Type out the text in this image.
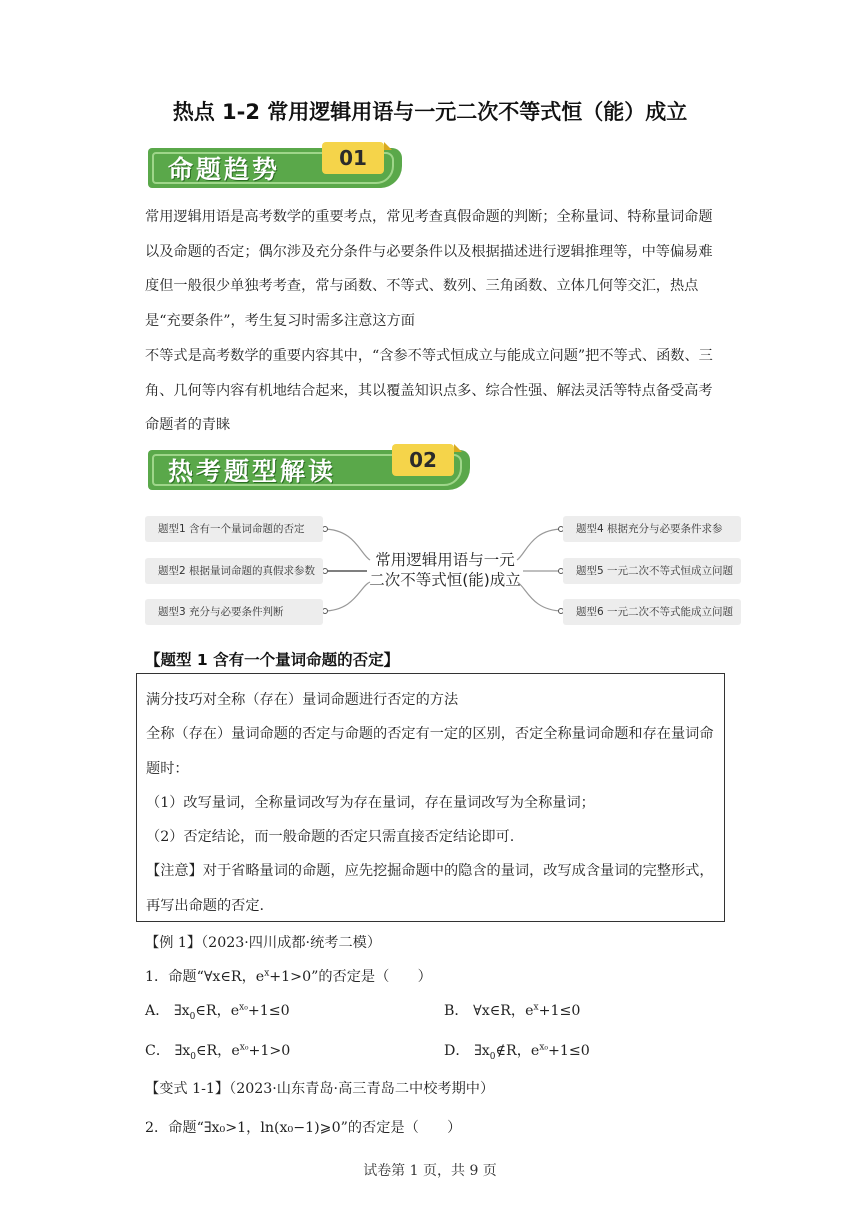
热点 1-2 常用逻辑用语与一元二次不等式恒（能）成立
命题趋势	01
常用逻辑用语是高考数学的重要考点，常见考查真假命题的判断；全称量词、特称量词命题以及命题的否定；偶尔涉及充分条件与必要条件以及根据描述进行逻辑推理等，中等偏易难度但一般很少单独考考查，常与函数、不等式、数列、三角函数、立体几何等交汇，热点是“充要条件”，考生复习时需多注意这方面
不等式是高考数学的重要内容其中，“含参不等式恒成立与能成立问题”把不等式、函数、三角、几何等内容有机地结合起来，其以覆盖知识点多、综合性强、解法灵活等特点备受高考命题者的青睐
热考题型解读	02
题型1 含有一个量词命题的否定
题型2 根据量词命题的真假求参数
题型3 充分与必要条件判断
常用逻辑用语与一元
二次不等式恒(能)成立
题型4 根据充分与必要条件求参
题型5 一元二次不等式恒成立问题
题型6 一元二次不等式能成立问题
【题型 1 含有一个量词命题的否定】

满分技巧对全称（存在）量词命题进行否定的方法

全称（存在）量词命题的否定与命题的否定有一定的区别，否定全称量词命题和存在量词命题时：

（1）改写量词，全称量词改写为存在量词，存在量词改写为全称量词；

（2）否定结论，而一般命题的否定只需直接否定结论即可.

【注意】对于省略量词的命题，应先挖掘命题中的隐含的量词，改写成含量词的完整形式，再写出命题的否定.

【例 1】（2023·四川成都·统考二模）
1．命题“∀x∈R，$e^x+1>0$”的否定是（　　）
A． $\exists x_0\in R$，$e^{x_0}+1\le 0$	B． ∀x∈R，$e^x+1\le 0$
C． $\exists x_0\in R$，$e^{x_0}+1>0$	D． $\exists x_0\notin R$，$e^{x_0}+1\le 0$
【变式 1-1】（2023·山东青岛·高三青岛二中校考期中）
2．命题“∃x₀>1，ln(x₀−1)⩾0”的否定是（　　）
试卷第 1 页，共 9 页
